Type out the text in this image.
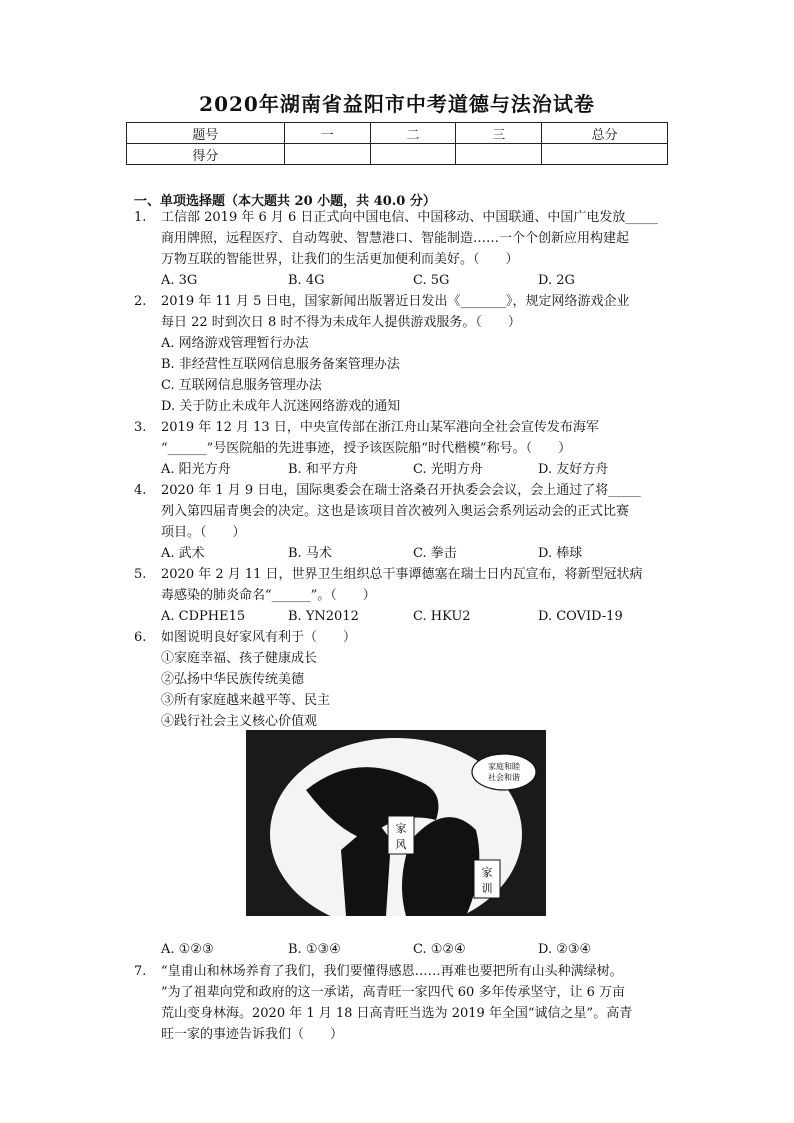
2020年湖南省益阳市中考道德与法治试卷
题号	一	二	三	总分
得分				
一、单项选择题（本大题共 20 小题，共 40.0 分）
1. 工信部 2019 年 6 月 6 日正式向中国电信、中国移动、中国联通、中国广电发放_____
商用牌照，远程医疗、自动驾驶、智慧港口、智能制造……一个个创新应用构建起
万物互联的智能世界，让我们的生活更加便利而美好。（　　）
A. 3G	B. 4G	C. 5G	D. 2G
2. 2019 年 11 月 5 日电，国家新闻出版署近日发出《_______》，规定网络游戏企业
每日 22 时到次日 8 时不得为未成年人提供游戏服务。（　　）
A. 网络游戏管理暂行办法
B. 非经营性互联网信息服务备案管理办法
C. 互联网信息服务管理办法
D. 关于防止未成年人沉迷网络游戏的通知
3. 2019 年 12 月 13 日，中央宣传部在浙江舟山某军港向全社会宣传发布海军
“______”号医院船的先进事迹，授予该医院船“时代楷模”称号。（　　）
A. 阳光方舟	B. 和平方舟	C. 光明方舟	D. 友好方舟
4. 2020 年 1 月 9 日电，国际奥委会在瑞士洛桑召开执委会会议，会上通过了将_____
列入第四届青奥会的决定。这也是该项目首次被列入奥运会系列运动会的正式比赛
项目。（　　）
A. 武术	B. 马术	C. 拳击	D. 棒球
5. 2020 年 2 月 11 日，世界卫生组织总干事谭德塞在瑞士日内瓦宣布，将新型冠状病
毒感染的肺炎命名“______”。（　　）
A. CDPHE15	B. YN2012	C. HKU2	D. COVID-19
6. 如图说明良好家风有利于（　　）
①家庭幸福、孩子健康成长
②弘扬中华民族传统美德
③所有家庭越来越平等、民主
④践行社会主义核心价值观
家
风
家
训
家庭和睦
社会和谐
A. ①②③	B. ①③④	C. ①②④	D. ②③④
7. “皇甫山和林场养育了我们，我们要懂得感恩……再难也要把所有山头种满绿树。
”为了祖辈向党和政府的这一承诺，高青旺一家四代 60 多年传承坚守，让 6 万亩
荒山变身林海。2020 年 1 月 18 日高青旺当选为 2019 年全国“诚信之星”。高青
旺一家的事迹告诉我们（　　）
